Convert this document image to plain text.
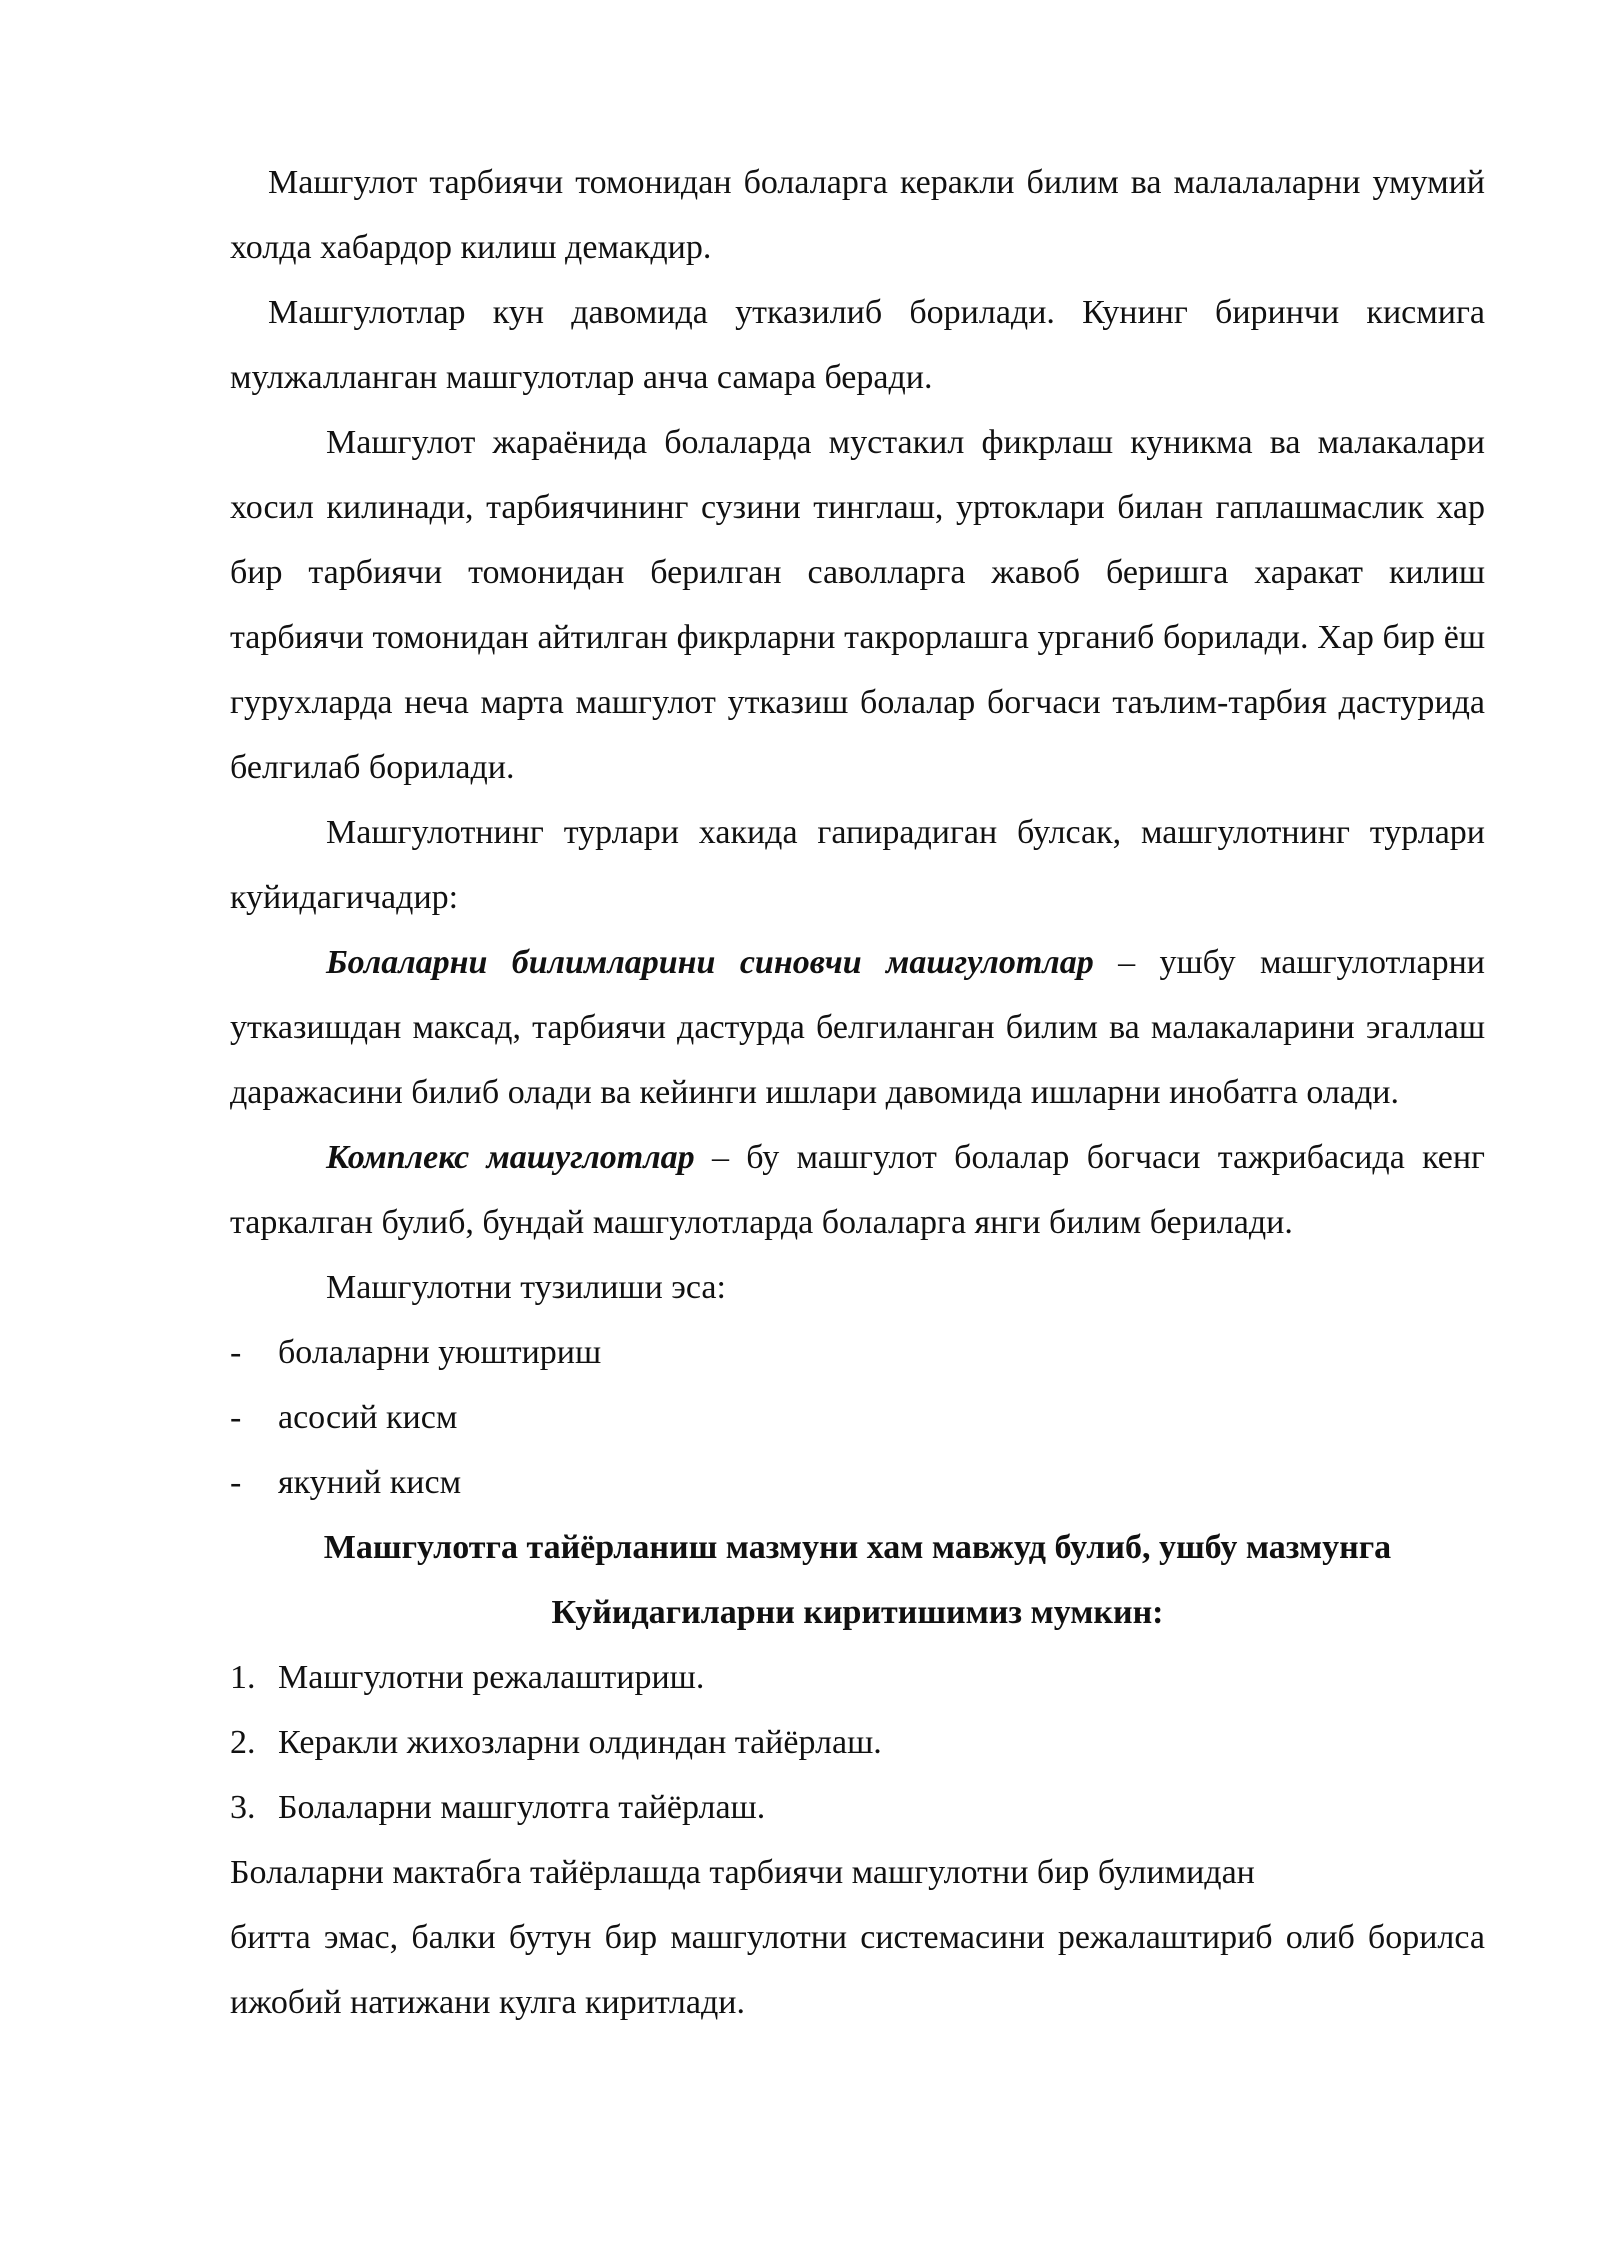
Машгулот тарбиячи томонидан болаларга керакли билим ва малалаларни умумий холда хабардор килиш демакдир.

Машгулотлар кун давомида утказилиб борилади. Кунинг биринчи кисмига мулжалланган машгулотлар анча самара беради.

Машгулот жараёнида болаларда мустакил фикрлаш куникма ва малакалари хосил килинади, тарбиячининг сузини тинглаш, уртоклари билан гаплашмаслик хар бир тарбиячи томонидан берилган саволларга жавоб беришга харакат килиш тарбиячи томонидан айтилган фикрларни такрорлашга урганиб борилади. Хар бир ёш гурухларда неча марта машгулот утказиш болалар богчаси таълим-тарбия дастурида белгилаб борилади.

Машгулотнинг турлари хакида гапирадиган булсак, машгулотнинг турлари куйидагичадир:

Болаларни билимларини синовчи машгулотлар – ушбу машгулотларни утказишдан максад, тарбиячи дастурда белгиланган билим ва малакаларини эгаллаш даражасини билиб олади ва кейинги ишлари давомида ишларни инобатга олади.

Комплекс машуглотлар – бу машгулот болалар богчаси тажрибасида кенг таркалган булиб, бундай машгулотларда болаларга янги билим берилади.

Машгулотни тузилиши эса:

-	болаларни уюштириш
-	асосий кисм
-	якуний кисм

Машгулотга тайёрланиш мазмуни хам мавжуд булиб, ушбу мазмунга

Куйидагиларни киритишимиз мумкин:

1. Машгулотни режалаштириш.
2. Керакли жихозларни олдиндан тайёрлаш.
3. Болаларни машгулотга тайёрлаш.

Болаларни мактабга тайёрлашда тарбиячи машгулотни бир булимидан

битта эмас, балки бутун бир машгулотни системасини режалаштириб олиб борилса ижобий натижани кулга киритлади.
